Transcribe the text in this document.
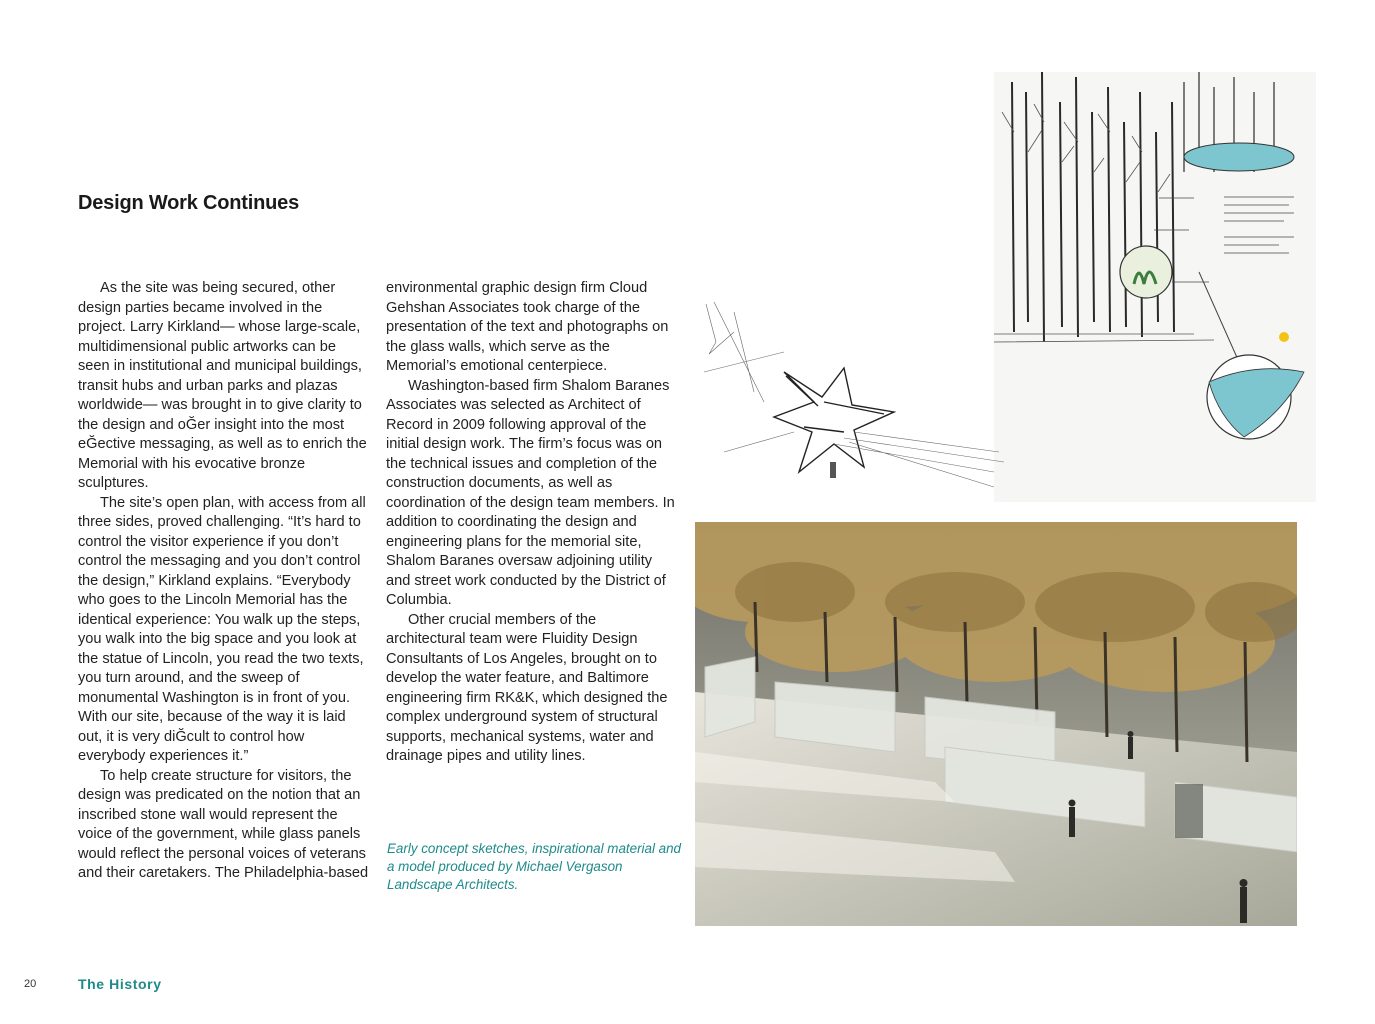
Design Work Continues

As the site was being secured, other design parties became involved in the project. Larry Kirkland— whose large-scale, multidimensional public artworks can be seen in institutional and municipal buildings, transit hubs and urban parks and plazas worldwide— was brought in to give clarity to the design and oĞer insight into the most eĞective messaging, as well as to enrich the Memorial with his evocative bronze sculptures.

The site’s open plan, with access from all three sides, proved challenging. “It’s hard to control the visitor experience if you don’t control the messaging and you don’t control the design,” Kirkland explains. “Everybody who goes to the Lincoln Memorial has the identical experience: You walk up the steps, you walk into the big space and you look at the statue of Lincoln, you read the two texts, you turn around, and the sweep of monumental Washington is in front of you. With our site, because of the way it is laid out, it is very diĞcult to control how everybody experiences it.”

To help create structure for visitors, the design was predicated on the notion that an inscribed stone wall would represent the voice of the government, while glass panels would reflect the personal voices of veterans and their caretakers. The Philadelphia-based

environmental graphic design firm Cloud Gehshan Associates took charge of the presentation of the text and photographs on the glass walls, which serve as the Memorial’s emotional centerpiece.

Washington-based firm Shalom Baranes Associates was selected as Architect of Record in 2009 following approval of the initial design work. The firm’s focus was on the technical issues and completion of the construction documents, as well as coordination of the design team members. In addition to coordinating the design and engineering plans for the memorial site, Shalom Baranes oversaw adjoining utility and street work conducted by the District of Columbia.

Other crucial members of the architectural team were Fluidity Design Consultants of Los Angeles, brought on to develop the water feature, and Baltimore engineering firm RK&K, which designed the complex underground system of structural supports, mechanical systems, water and drainage pipes and utility lines.

Early concept sketches, inspirational material and a model produced by Michael Vergason Landscape Architects.

20	The History
